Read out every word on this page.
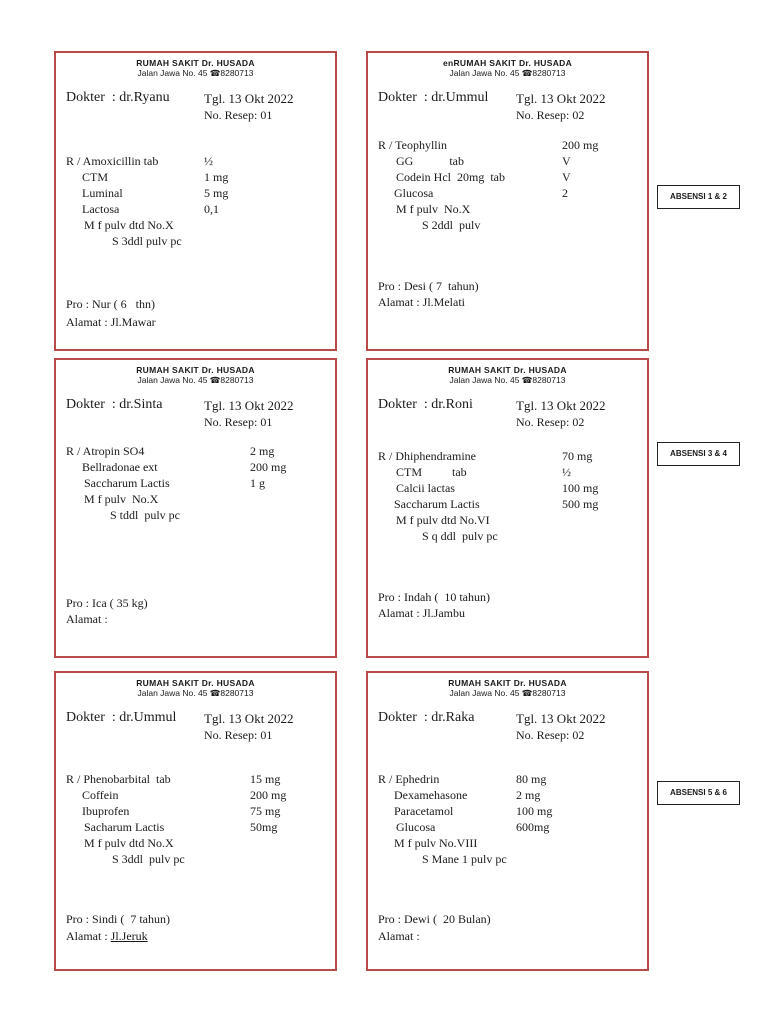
RUMAH SAKIT Dr. HUSADA
Jalan Jawa No. 45 ☎8280713
Dokter  : dr.Ryanu	Tgl. 13 Okt 2022
No. Resep: 01
R / Amoxicillin tab	½
CTM	1 mg
Luminal	5 mg
Lactosa	0,1
M f pulv dtd No.X
S 3ddl pulv pc
Pro : Nur ( 6   thn)
Alamat : Jl.Mawar
enRUMAH SAKIT Dr. HUSADA
Jalan Jawa No. 45 ☎8280713
Dokter  : dr.Ummul Tgl. 13 Okt 2022
No. Resep: 02
R / Teophyllin	200 mg
GG            tab	V
Codein Hcl  20mg  tab	V
Glucosa	2
M f pulv  No.X
S 2ddl  pulv
Pro : Desi ( 7  tahun)
Alamat : Jl.Melati
RUMAH SAKIT Dr. HUSADA
Jalan Jawa No. 45 ☎8280713
Dokter  : dr.Sinta	Tgl. 13 Okt 2022
No. Resep: 01
R / Atropin SO4	2 mg
Bellradonae ext	200 mg
Saccharum Lactis	1 g
M f pulv  No.X
S tddl  pulv pc
Pro : Ica ( 35 kg)
Alamat :
RUMAH SAKIT Dr. HUSADA
Jalan Jawa No. 45 ☎8280713
Dokter  : dr.Roni	Tgl. 13 Okt 2022
No. Resep: 02
R / Dhiphendramine	70 mg
CTM          tab	½
Calcii lactas	100 mg
Saccharum Lactis	500 mg
M f pulv dtd No.VI
S q ddl  pulv pc
Pro : Indah (  10 tahun)
Alamat : Jl.Jambu
RUMAH SAKIT Dr. HUSADA
Jalan Jawa No. 45 ☎8280713
Dokter  : dr.Ummul Tgl. 13 Okt 2022
No. Resep: 01
R / Phenobarbital  tab	15 mg
Coffein	200 mg
Ibuprofen	75 mg
Sacharum Lactis	50mg
M f pulv dtd No.X
S 3ddl  pulv pc
Pro : Sindi (  7 tahun)
Alamat : Jl.Jeruk
RUMAH SAKIT Dr. HUSADA
Jalan Jawa No. 45 ☎8280713
Dokter  : dr.Raka	Tgl. 13 Okt 2022
No. Resep: 02
R / Ephedrin	80 mg
Dexamehasone	2 mg
Paracetamol	100 mg
Glucosa	600mg
M f pulv No.VIII
S Mane 1 pulv pc
Pro : Dewi (  20 Bulan)
Alamat :
ABSENSI 1 & 2
ABSENSI 3 & 4
ABSENSI 5 & 6
